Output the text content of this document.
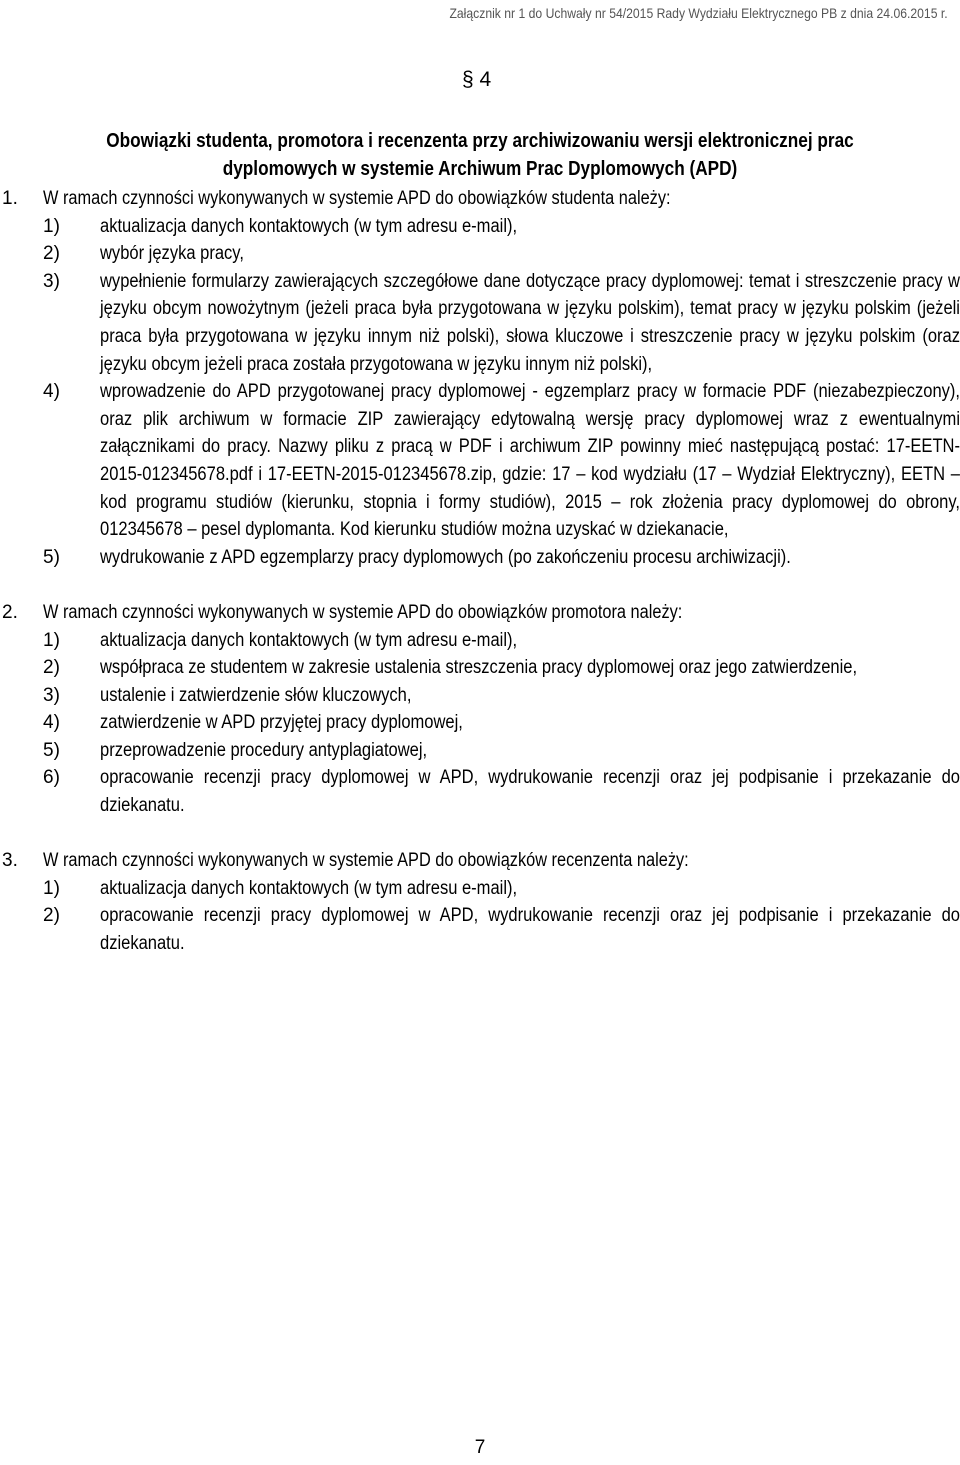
Załącznik nr 1 do Uchwały nr 54/2015 Rady Wydziału Elektrycznego PB z dnia 24.06.2015 r.
§ 4
Obowiązki studenta, promotora i recenzenta przy archiwizowaniu wersji elektronicznej prac
dyplomowych w systemie Archiwum Prac Dyplomowych (APD)
1. W ramach czynności wykonywanych w systemie APD do obowiązków studenta należy:
1) aktualizacja danych kontaktowych (w tym adresu e-mail),
2) wybór języka pracy,
3) wypełnienie formularzy zawierających szczegółowe dane dotyczące pracy dyplomowej: temat i streszczenie pracy w języku obcym nowożytnym (jeżeli praca była przygotowana w języku polskim), temat pracy w języku polskim (jeżeli praca była przygotowana w języku innym niż polski), słowa kluczowe i streszczenie pracy w języku polskim (oraz języku obcym jeżeli praca została przygotowana w języku innym niż polski),
4) wprowadzenie do APD przygotowanej pracy dyplomowej - egzemplarz pracy w formacie PDF (niezabezpieczony), oraz plik archiwum w formacie ZIP zawierający edytowalną wersję pracy dyplomowej wraz z ewentualnymi załącznikami do pracy. Nazwy pliku z pracą w PDF i archiwum ZIP powinny mieć następującą postać: 17-EETN-2015-012345678.pdf i 17-EETN-2015-012345678.zip, gdzie: 17 – kod wydziału (17 – Wydział Elektryczny), EETN – kod programu studiów (kierunku, stopnia i formy studiów), 2015 – rok złożenia pracy dyplomowej do obrony, 012345678 – pesel dyplomanta. Kod kierunku studiów można uzyskać w dziekanacie,
5) wydrukowanie z APD egzemplarzy pracy dyplomowych (po zakończeniu procesu archiwizacji).
2. W ramach czynności wykonywanych w systemie APD do obowiązków promotora należy:
1) aktualizacja danych kontaktowych (w tym adresu e-mail),
2) współpraca ze studentem w zakresie ustalenia streszczenia pracy dyplomowej oraz jego zatwierdzenie,
3) ustalenie i zatwierdzenie słów kluczowych,
4) zatwierdzenie w APD przyjętej pracy dyplomowej,
5) przeprowadzenie procedury antyplagiatowej,
6) opracowanie recenzji pracy dyplomowej w APD, wydrukowanie recenzji oraz jej podpisanie i przekazanie do dziekanatu.
3. W ramach czynności wykonywanych w systemie APD do obowiązków recenzenta należy:
1) aktualizacja danych kontaktowych (w tym adresu e-mail),
2) opracowanie recenzji pracy dyplomowej w APD, wydrukowanie recenzji oraz jej podpisanie i przekazanie do dziekanatu.
7
